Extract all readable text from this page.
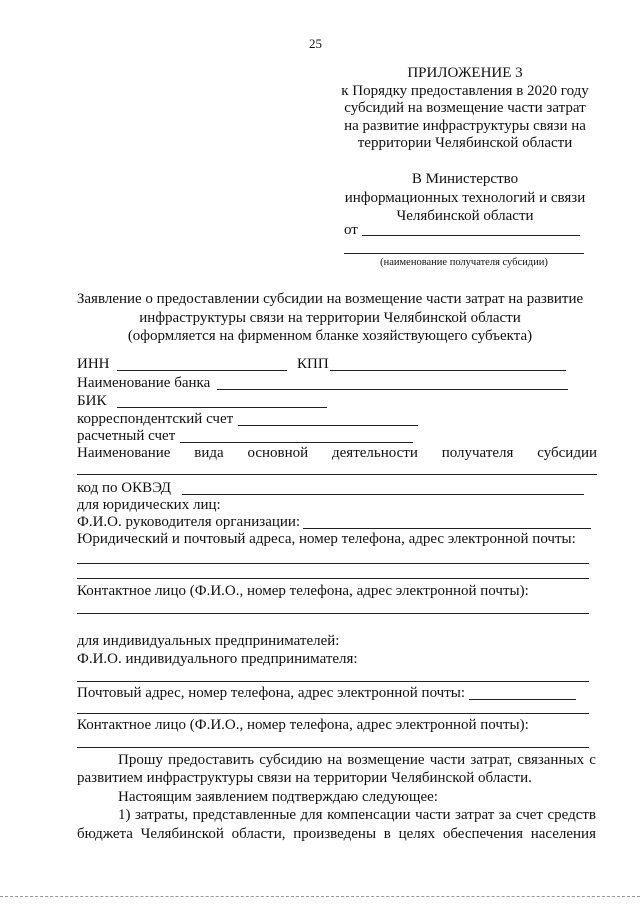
25
ПРИЛОЖЕНИЕ 3
к Порядку предоставления в 2020 году
субсидий на возмещение части затрат
на развитие инфраструктуры связи на
территории Челябинской области
В Министерство
информационных технологий и связи
Челябинской области
от
(наименование получателя субсидии)
Заявление о предоставлении субсидии на возмещение части затрат на развитие
инфраструктуры связи на территории Челябинской области
(оформляется на фирменном бланке хозяйствующего субъекта)
ИНН	КПП
Наименование банка
БИК
корреспондентский счет
расчетный счет
Наименование вида основной деятельности получателя субсидии
код по ОКВЭД
для юридических лиц:
Ф.И.О. руководителя организации:
Юридический и почтовый адреса, номер телефона, адрес электронной почты:
Контактное лицо (Ф.И.О., номер телефона, адрес электронной почты):
для индивидуальных предпринимателей:
Ф.И.О. индивидуального предпринимателя:
Почтовый адрес, номер телефона, адрес электронной почты:
Контактное лицо (Ф.И.О., номер телефона, адрес электронной почты):
Прошу предоставить субсидию на возмещение части затрат, связанных с
развитием инфраструктуры связи на территории Челябинской области.
Настоящим заявлением подтверждаю следующее:
1) затраты, представленные для компенсации части затрат за счет средств
бюджета Челябинской области, произведены в целях обеспечения населения
